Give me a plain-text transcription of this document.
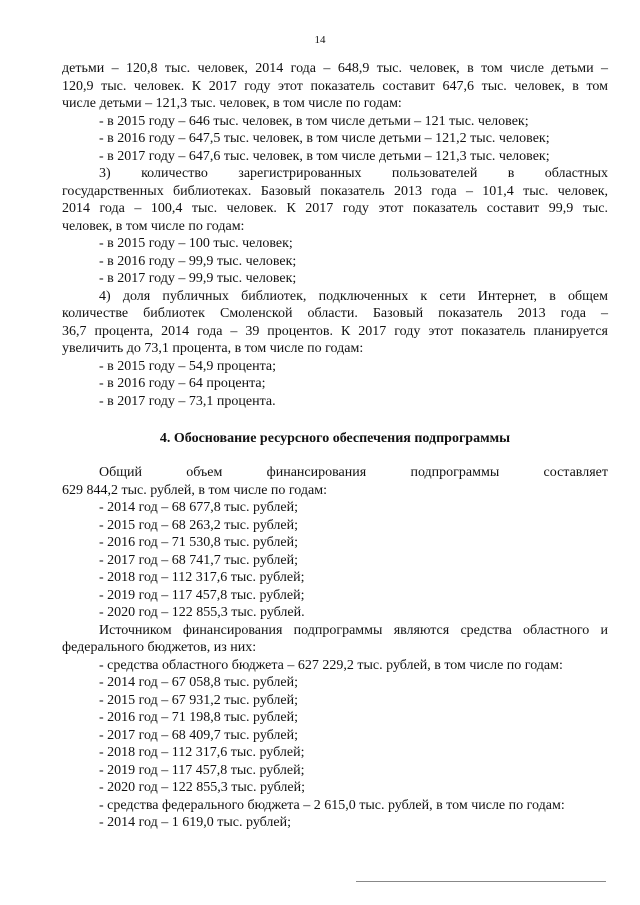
14
детьми – 120,8 тыс. человек, 2014 года – 648,9 тыс. человек, в том числе детьми –
120,9 тыс. человек. К 2017 году этот показатель составит 647,6 тыс. человек, в том
числе детьми – 121,3 тыс. человек, в том числе по годам:
- в 2015 году – 646 тыс. человек, в том числе детьми – 121 тыс. человек;
- в 2016 году – 647,5 тыс. человек, в том числе детьми – 121,2 тыс. человек;
- в 2017 году – 647,6 тыс. человек, в том числе детьми – 121,3 тыс. человек;
3) количество зарегистрированных пользователей в областных
государственных библиотеках. Базовый показатель 2013 года – 101,4 тыс. человек,
2014 года – 100,4 тыс. человек. К 2017 году этот показатель составит 99,9 тыс.
человек, в том числе по годам:
- в 2015 году – 100 тыс. человек;
- в 2016 году – 99,9 тыс. человек;
- в 2017 году – 99,9 тыс. человек;
4) доля публичных библиотек, подключенных к сети Интернет, в общем
количестве библиотек Смоленской области. Базовый показатель 2013 года –
36,7 процента, 2014 года – 39 процентов. К 2017 году этот показатель планируется
увеличить до 73,1 процента, в том числе по годам:
- в 2015 году – 54,9 процента;
- в 2016 году – 64 процента;
- в 2017 году – 73,1 процента.
4. Обоснование ресурсного обеспечения подпрограммы
Общий объем финансирования подпрограммы составляет
629 844,2 тыс. рублей, в том числе по годам:
- 2014 год – 68 677,8 тыс. рублей;
- 2015 год – 68 263,2 тыс. рублей;
- 2016 год – 71 530,8 тыс. рублей;
- 2017 год – 68 741,7 тыс. рублей;
- 2018 год – 112 317,6 тыс. рублей;
- 2019 год – 117 457,8 тыс. рублей;
- 2020 год – 122 855,3 тыс. рублей.
Источником финансирования подпрограммы являются средства областного и
федерального бюджетов, из них:
- средства областного бюджета – 627 229,2 тыс. рублей, в том числе по годам:
- 2014 год – 67 058,8 тыс. рублей;
- 2015 год – 67 931,2 тыс. рублей;
- 2016 год – 71 198,8 тыс. рублей;
- 2017 год – 68 409,7 тыс. рублей;
- 2018 год – 112 317,6 тыс. рублей;
- 2019 год – 117 457,8 тыс. рублей;
- 2020 год – 122 855,3 тыс. рублей;
- средства федерального бюджета – 2 615,0 тыс. рублей, в том числе по годам:
- 2014 год – 1 619,0 тыс. рублей;
